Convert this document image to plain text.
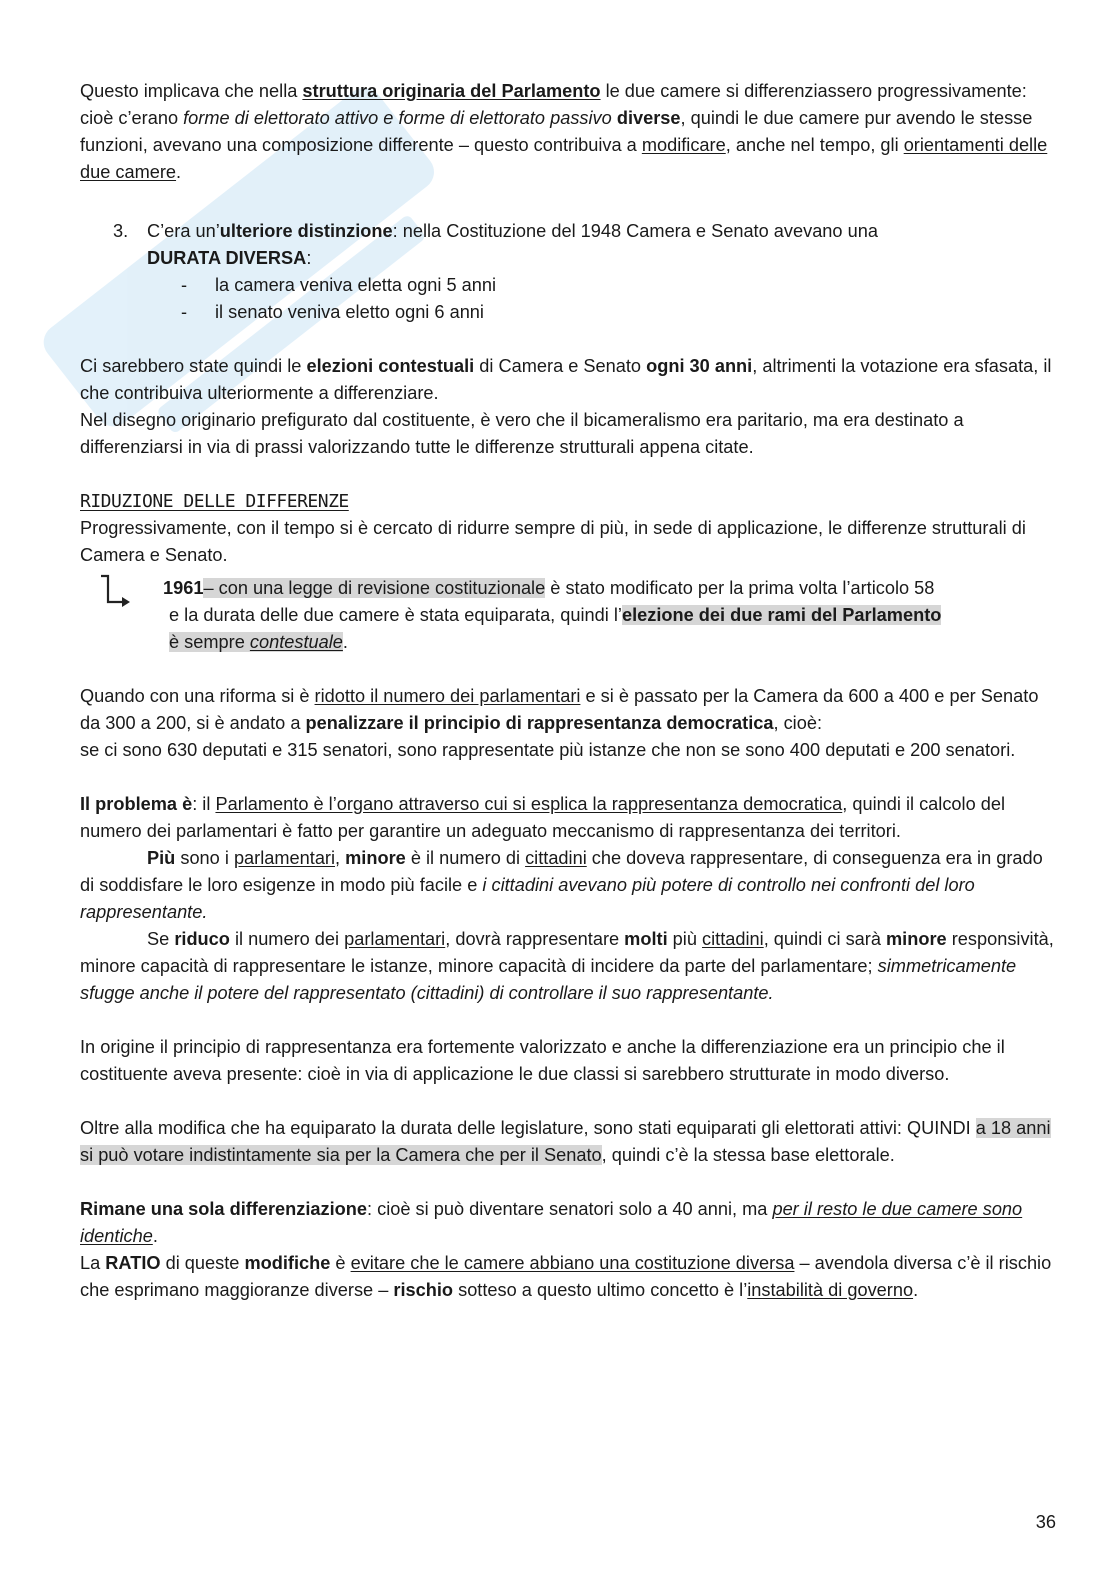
Questo implicava che nella struttura originaria del Parlamento le due camere si differenziassero progressivamente: cioè c’erano forme di elettorato attivo e forme di elettorato passivo diverse, quindi le due camere pur avendo le stesse funzioni, avevano una composizione differente – questo contribuiva a modificare, anche nel tempo, gli orientamenti delle due camere.

3. C’era un’ulteriore distinzione: nella Costituzione del 1948 Camera e Senato avevano una

DURATA DIVERSA:

- la camera veniva eletta ogni 5 anni
- il senato veniva eletto ogni 6 anni

Ci sarebbero state quindi le elezioni contestuali di Camera e Senato ogni 30 anni, altrimenti la votazione era sfasata, il che contribuiva ulteriormente a differenziare.

Nel disegno originario prefigurato dal costituente, è vero che il bicameralismo era paritario, ma era destinato a differenziarsi in via di prassi valorizzando tutte le differenze strutturali appena citate.

RIDUZIONE DELLE DIFFERENZE

Progressivamente, con il tempo si è cercato di ridurre sempre di più, in sede di applicazione, le differenze strutturali di Camera e Senato.

1961– con una legge di revisione costituzionale è stato modificato per la prima volta l’articolo 58

e la durata delle due camere è stata equiparata, quindi l’elezione dei due rami del Parlamento

è sempre contestuale.

Quando con una riforma si è ridotto il numero dei parlamentari e si è passato per la Camera da 600 a 400 e per Senato da 300 a 200, si è andato a penalizzare il principio di rappresentanza democratica, cioè:

se ci sono 630 deputati e 315 senatori, sono rappresentate più istanze che non se sono 400 deputati e 200 senatori.

Il problema è: il Parlamento è l’organo attraverso cui si esplica la rappresentanza democratica, quindi il calcolo del numero dei parlamentari è fatto per garantire un adeguato meccanismo di rappresentanza dei territori.

Più sono i parlamentari, minore è il numero di cittadini che doveva rappresentare, di conseguenza era in grado di soddisfare le loro esigenze in modo più facile e i cittadini avevano più potere di controllo nei confronti del loro rappresentante.

Se riduco il numero dei parlamentari, dovrà rappresentare molti più cittadini, quindi ci sarà minore responsività, minore capacità di rappresentare le istanze, minore capacità di incidere da parte del parlamentare; simmetricamente sfugge anche il potere del rappresentato (cittadini) di controllare il suo rappresentante.

In origine il principio di rappresentanza era fortemente valorizzato e anche la differenziazione era un principio che il costituente aveva presente: cioè in via di applicazione le due classi si sarebbero strutturate in modo diverso.

Oltre alla modifica che ha equiparato la durata delle legislature, sono stati equiparati gli elettorati attivi: QUINDI a 18 anni si può votare indistintamente sia per la Camera che per il Senato, quindi c’è la stessa base elettorale.

Rimane una sola differenziazione: cioè si può diventare senatori solo a 40 anni, ma per il resto le due camere sono identiche.

La RATIO di queste modifiche è evitare che le camere abbiano una costituzione diversa – avendola diversa c’è il rischio che esprimano maggioranze diverse – rischio sotteso a questo ultimo concetto è l’instabilità di governo.

36
